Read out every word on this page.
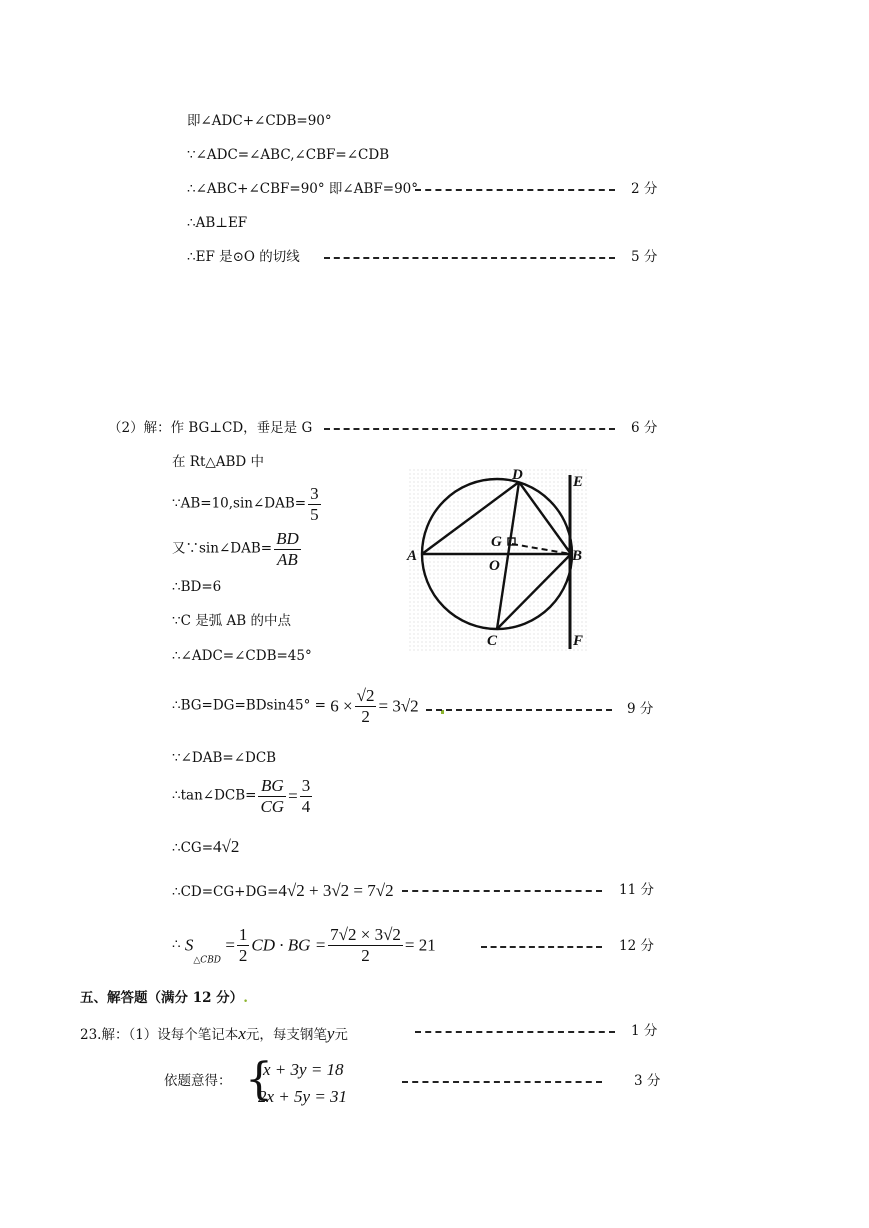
即∠ADC+∠CDB=90°
∵∠ADC=∠ABC,∠CBF=∠CDB
∴∠ABC+∠CBF=90° 即∠ABF=90°	2 分
∴AB⊥EF
∴EF 是⊙O 的切线	5 分
（2）解：作 BG⊥CD，垂足是 G	6 分
在 Rt△ABD 中
∵AB=10,sin∠DAB= $\frac{3}{5}$
又∵sin∠DAB= $\frac{BD}{AB}$
∴BD=6
∵C 是弧 AB 的中点
∴∠ADC=∠CDB=45°
∴BG=DG=BDsin45° = $6 \times \frac{√2}{2} = 3√2$	9 分
∵∠DAB=∠DCB
∴tan∠DCB= $\frac{BG}{CG} = \frac{3}{4}$
∴CG=4√2
∴CD=CG+DG=4√2 + 3√2 = 7√2	11 分
∴ $S_{\triangle CBD} = \frac{1}{2}$ CD · BG = $\frac{7√2 \times 3√2}{2} = 21$	12 分
五、解答题（满分 12 分）.
23.解：（1）设每个笔记本x元，每支钢笔y元	1 分
依题意得： {
x + 3y = 18
2x + 5y = 31
3 分
D	E
G
A	B
O
C	F
